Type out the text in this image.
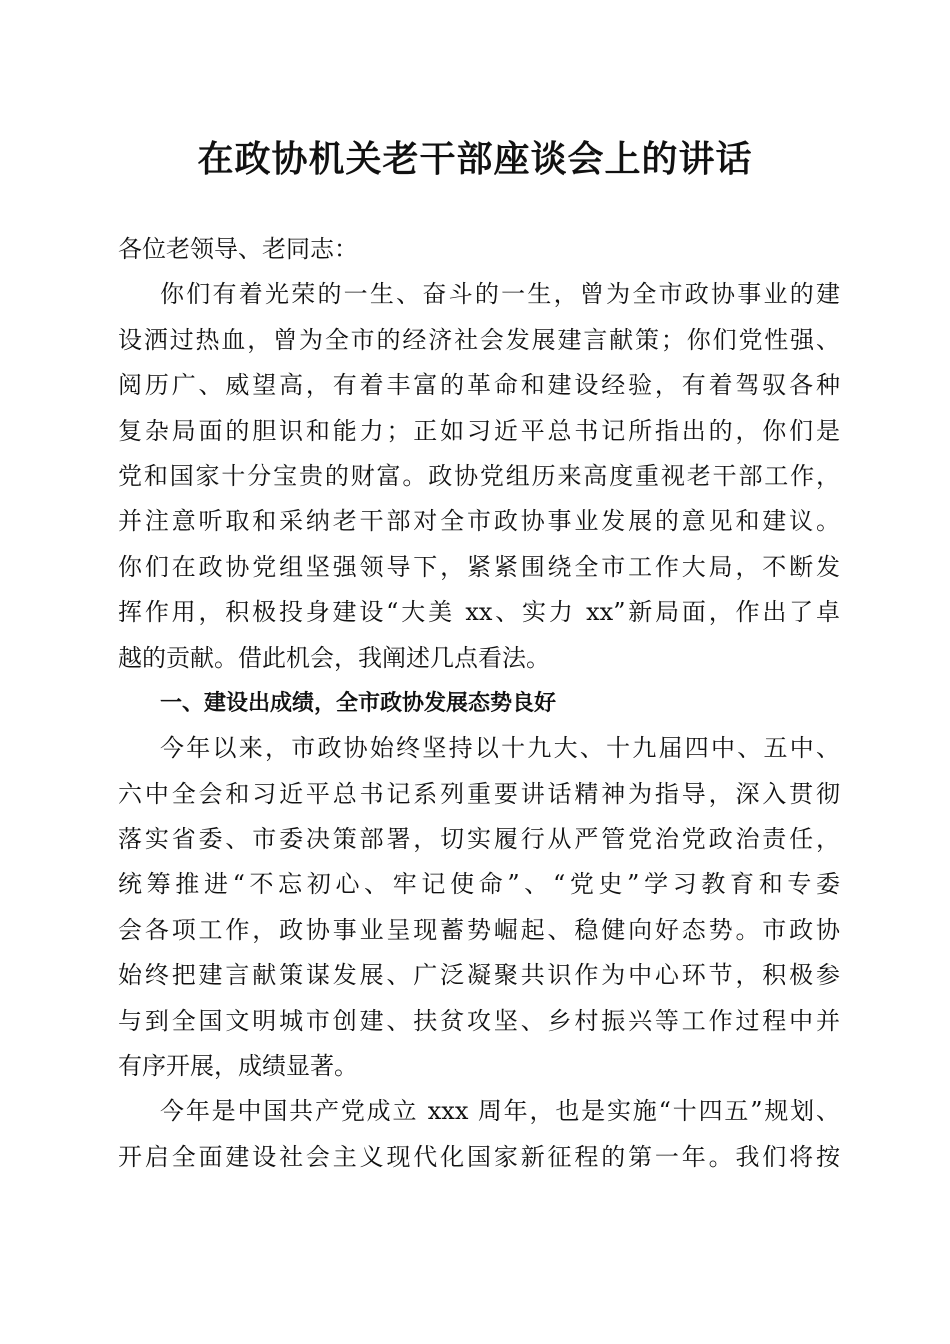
在政协机关老干部座谈会上的讲话
各位老领导、老同志：
你们有着光荣的一生、奋斗的一生，曾为全市政协事业的建
设洒过热血，曾为全市的经济社会发展建言献策；你们党性强、
阅历广、威望高，有着丰富的革命和建设经验，有着驾驭各种
复杂局面的胆识和能力；正如习近平总书记所指出的，你们是
党和国家十分宝贵的财富。政协党组历来高度重视老干部工作，
并注意听取和采纳老干部对全市政协事业发展的意见和建议。
你们在政协党组坚强领导下，紧紧围绕全市工作大局，不断发
挥作用，积极投身建设“大美 xx、实力 xx”新局面，作出了卓
越的贡献。借此机会，我阐述几点看法。
一、建设出成绩，全市政协发展态势良好
今年以来，市政协始终坚持以十九大、十九届四中、五中、
六中全会和习近平总书记系列重要讲话精神为指导，深入贯彻
落实省委、市委决策部署，切实履行从严管党治党政治责任，
统筹推进“不忘初心、牢记使命”、“党史”学习教育和专委
会各项工作，政协事业呈现蓄势崛起、稳健向好态势。市政协
始终把建言献策谋发展、广泛凝聚共识作为中心环节，积极参
与到全国文明城市创建、扶贫攻坚、乡村振兴等工作过程中并
有序开展，成绩显著。
今年是中国共产党成立 xxx 周年，也是实施“十四五”规划、
开启全面建设社会主义现代化国家新征程的第一年。我们将按
